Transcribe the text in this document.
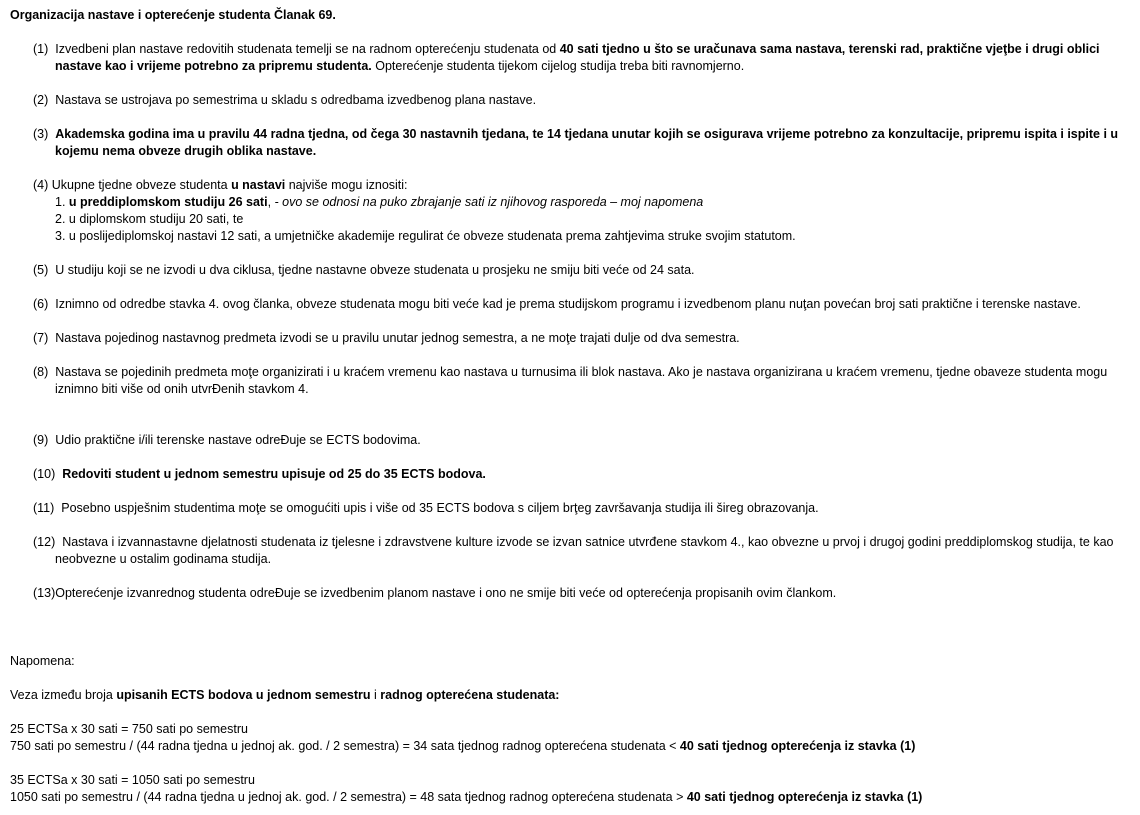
Organizacija nastave i opterećenje studenta Članak 69.
(1) Izvedbeni plan nastave redovitih studenata temelji se na radnom opterećenju studenata od 40 sati tjedno u što se uračunava sama nastava, terenski rad, praktične vjeţbe i drugi oblici nastave kao i vrijeme potrebno za pripremu studenta. Opterećenje studenta tijekom cijelog studija treba biti ravnomjerno.
(2) Nastava se ustrojava po semestrima u skladu s odredbama izvedbenog plana nastave.
(3) Akademska godina ima u pravilu 44 radna tjedna, od čega 30 nastavnih tjedana, te 14 tjedana unutar kojih se osigurava vrijeme potrebno za konzultacije, pripremu ispita i ispite i u kojemu nema obveze drugih oblika nastave.
(4) Ukupne tjedne obveze studenta u nastavi najviše mogu iznositi:
1. u preddiplomskom studiju 26 sati, - ovo se odnosi na puko zbrajanje sati iz njihovog rasporeda – moj napomena
2. u diplomskom studiju 20 sati, te
3. u poslijediplomskoj nastavi 12 sati, a umjetničke akademije regulirat će obveze studenata prema zahtjevima struke svojim statutom.
(5) U studiju koji se ne izvodi u dva ciklusa, tjedne nastavne obveze studenata u prosjeku ne smiju biti veće od 24 sata.
(6) Iznimno od odredbe stavka 4. ovog članka, obveze studenata mogu biti veće kad je prema studijskom programu i izvedbenom planu nuţan povećan broj sati praktične i terenske nastave.
(7) Nastava pojedinog nastavnog predmeta izvodi se u pravilu unutar jednog semestra, a ne moţe trajati dulje od dva semestra.
(8) Nastava se pojedinih predmeta moţe organizirati i u kraćem vremenu kao nastava u turnusima ili blok nastava. Ako je nastava organizirana u kraćem vremenu, tjedne obaveze studenta mogu iznimno biti više od onih utvrĐenih stavkom 4.
(9) Udio praktične i/ili terenske nastave odreĐuje se ECTS bodovima.
(10) Redoviti student u jednom semestru upisuje od 25 do 35 ECTS bodova.
(11) Posebno uspješnim studentima moţe se omogućiti upis i više od 35 ECTS bodova s ciljem brţeg završavanja studija ili šireg obrazovanja.
(12) Nastava i izvannastavne djelatnosti studenata iz tjelesne i zdravstvene kulture izvode se izvan satnice utvrđene stavkom 4., kao obvezne u prvoj i drugoj godini preddiplomskog studija, te kao neobvezne u ostalim godinama studija.
(13)Opterećenje izvanrednog studenta odreĐuje se izvedbenim planom nastave i ono ne smije biti veće od opterećenja propisanih ovim člankom.
Napomena:
Veza između broja upisanih ECTS bodova u jednom semestru i radnog opterećena studenata:
25 ECTSa x 30 sati = 750 sati po semestru
750 sati po semestru / (44 radna tjedna u jednoj ak. god. / 2 semestra) = 34 sata tjednog radnog opterećena studenata < 40 sati tjednog opterećenja iz stavka (1)
35 ECTSa x 30 sati = 1050 sati po semestru
1050 sati po semestru / (44 radna tjedna u jednoj ak. god. / 2 semestra) = 48 sata tjednog radnog opterećena studenata > 40 sati tjednog opterećenja iz stavka (1)
